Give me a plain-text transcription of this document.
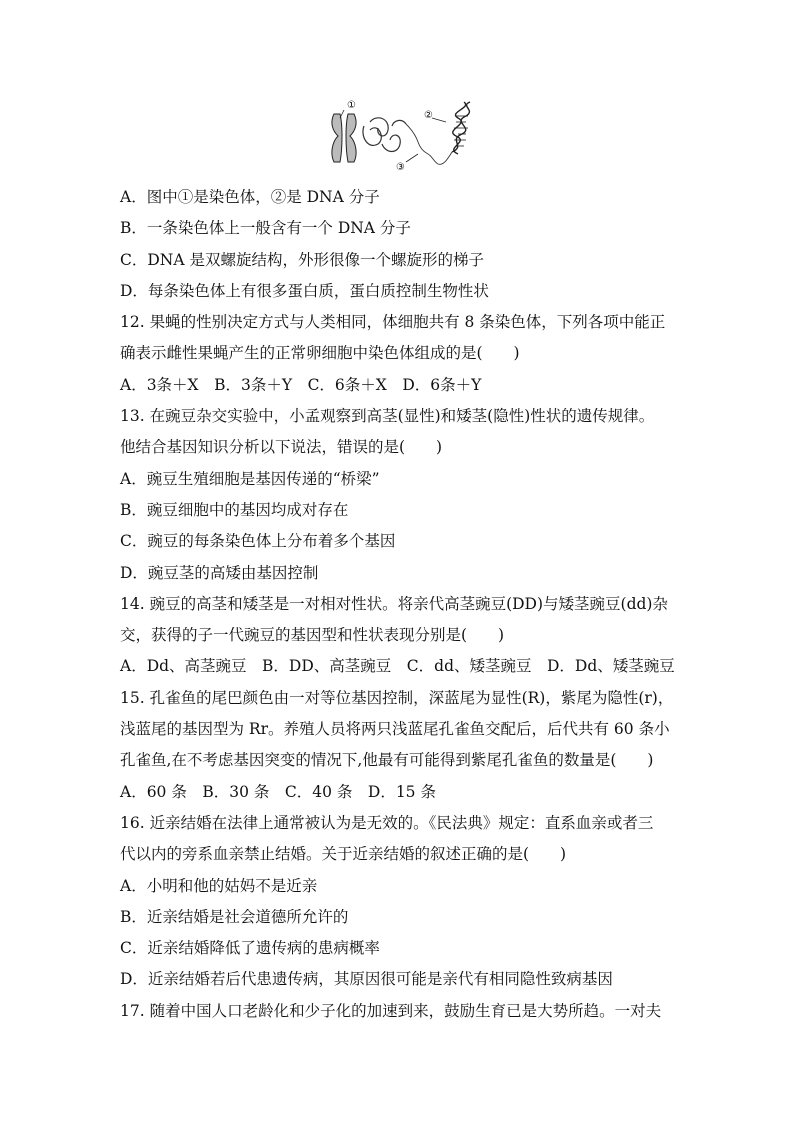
①
②
③
A．图中①是染色体，②是 DNA 分子
B．一条染色体上一般含有一个 DNA 分子
C．DNA 是双螺旋结构，外形很像一个螺旋形的梯子
D．每条染色体上有很多蛋白质，蛋白质控制生物性状
12. 果蝇的性别决定方式与人类相同，体细胞共有 8 条染色体，下列各项中能正
确表示雌性果蝇产生的正常卵细胞中染色体组成的是(　　)
A．3条＋X　B．3条＋Y　C．6条＋X　D．6条＋Y
13. 在豌豆杂交实验中，小孟观察到高茎(显性)和矮茎(隐性)性状的遗传规律。
他结合基因知识分析以下说法，错误的是(　　)
A．豌豆生殖细胞是基因传递的“桥梁”
B．豌豆细胞中的基因均成对存在
C．豌豆的每条染色体上分布着多个基因
D．豌豆茎的高矮由基因控制
14. 豌豆的高茎和矮茎是一对相对性状。将亲代高茎豌豆(DD)与矮茎豌豆(dd)杂
交，获得的子一代豌豆的基因型和性状表现分别是(　　)
A．Dd、高茎豌豆　B．DD、高茎豌豆　C．dd、矮茎豌豆　D．Dd、矮茎豌豆
15. 孔雀鱼的尾巴颜色由一对等位基因控制，深蓝尾为显性(R)，紫尾为隐性(r)，
浅蓝尾的基因型为 Rr。养殖人员将两只浅蓝尾孔雀鱼交配后，后代共有 60 条小
孔雀鱼,在不考虑基因突变的情况下,他最有可能得到紫尾孔雀鱼的数量是(　　)
A．60 条　B．30 条　C．40 条　D．15 条
16. 近亲结婚在法律上通常被认为是无效的。《民法典》规定：直系血亲或者三
代以内的旁系血亲禁止结婚。关于近亲结婚的叙述正确的是(　　)
A．小明和他的姑妈不是近亲
B．近亲结婚是社会道德所允许的
C．近亲结婚降低了遗传病的患病概率
D．近亲结婚若后代患遗传病，其原因很可能是亲代有相同隐性致病基因
17. 随着中国人口老龄化和少子化的加速到来，鼓励生育已是大势所趋。一对夫
